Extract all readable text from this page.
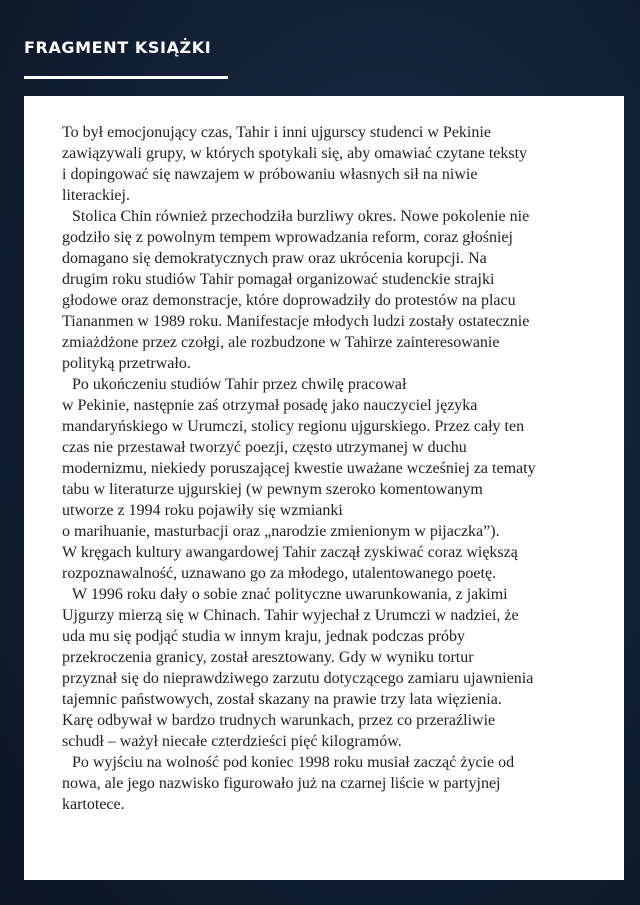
FRAGMENT KSIĄŻKI

To był emocjonujący czas, Tahir i inni ujgurscy studenci w Pekinie
zawiązywali grupy, w których spotykali się, aby omawiać czytane teksty
i dopingować się nawzajem w próbowaniu własnych sił na niwie
literackiej.

Stolica Chin również przechodziła burzliwy okres. Nowe pokolenie nie
godziło się z powolnym tempem wprowadzania reform, coraz głośniej
domagano się demokratycznych praw oraz ukrócenia korupcji. Na
drugim roku studiów Tahir pomagał organizować studenckie strajki
głodowe oraz demonstracje, które doprowadziły do protestów na placu
Tiananmen w 1989 roku. Manifestacje młodych ludzi zostały ostatecznie
zmiażdżone przez czołgi, ale rozbudzone w Tahirze zainteresowanie
polityką przetrwało.

Po ukończeniu studiów Tahir przez chwilę pracował
w Pekinie, następnie zaś otrzymał posadę jako nauczyciel języka
mandaryńskiego w Urumczi, stolicy regionu ujgurskiego. Przez cały ten
czas nie przestawał tworzyć poezji, często utrzymanej w duchu
modernizmu, niekiedy poruszającej kwestie uważane wcześniej za tematy
tabu w literaturze ujgurskiej (w pewnym szeroko komentowanym
utworze z 1994 roku pojawiły się wzmianki
o marihuanie, masturbacji oraz „narodzie zmienionym w pijaczka”).
W kręgach kultury awangardowej Tahir zaczął zyskiwać coraz większą
rozpoznawalność, uznawano go za młodego, utalentowanego poetę.

W 1996 roku dały o sobie znać polityczne uwarunkowania, z jakimi
Ujgurzy mierzą się w Chinach. Tahir wyjechał z Urumczi w nadziei, że
uda mu się podjąć studia w innym kraju, jednak podczas próby
przekroczenia granicy, został aresztowany. Gdy w wyniku tortur
przyznał się do nieprawdziwego zarzutu dotyczącego zamiaru ujawnienia
tajemnic państwowych, został skazany na prawie trzy lata więzienia.
Karę odbywał w bardzo trudnych warunkach, przez co przeraźliwie
schudł – ważył niecałe czterdzieści pięć kilogramów.

Po wyjściu na wolność pod koniec 1998 roku musiał zacząć życie od
nowa, ale jego nazwisko figurowało już na czarnej liście w partyjnej
kartotece.
